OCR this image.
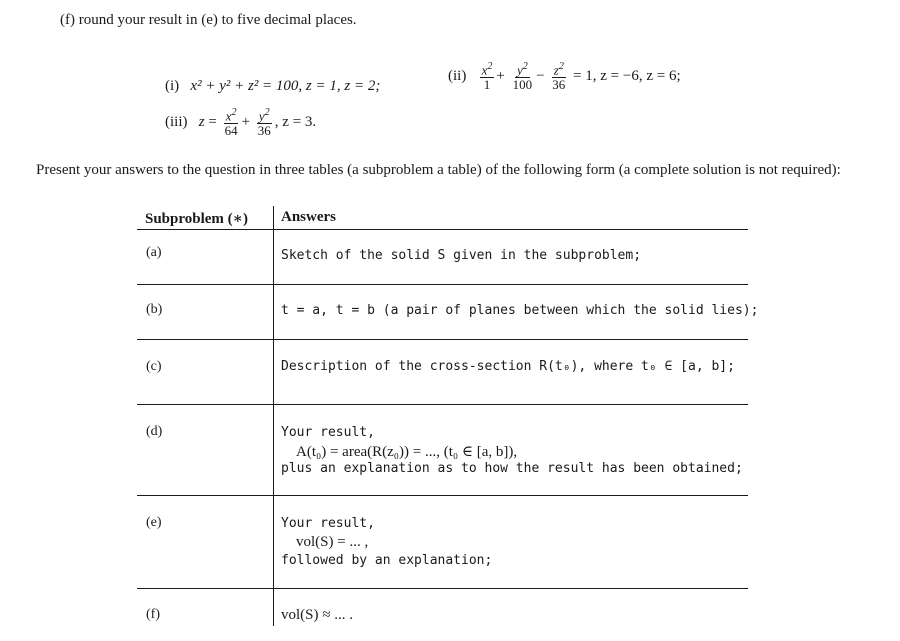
(f) round your result in (e) to five decimal places.
(i) x² + y² + z² = 100, z = 1, z = 2;
$(ii) \frac{x^2}{1} + \frac{y^2}{100} - \frac{z^2}{36} = 1$, z = −6, z = 6;
(iii) $z = \frac{x^2}{64} + \frac{y^2}{36}$ , z = 3.
Present your answers to the question in three tables (a subproblem a table) of the following form (a complete solution is not required):
Subproblem (∗) Answers
(a)
(b)
(c)
(d)
(e)
(f)
Sketch of the solid S given in the subproblem;
t = a, t = b (a pair of planes between which the solid lies);
Description of the cross-section R(t₀), where t₀ ∈ [a, b];
Your result,
A(t₀) = area(R(z₀)) = ..., (t₀ ∈ [a, b]),
plus an explanation as to how the result has been obtained;
Your result,
vol(S) = ... ,
followed by an explanation;
vol(S) ≈ ... .
